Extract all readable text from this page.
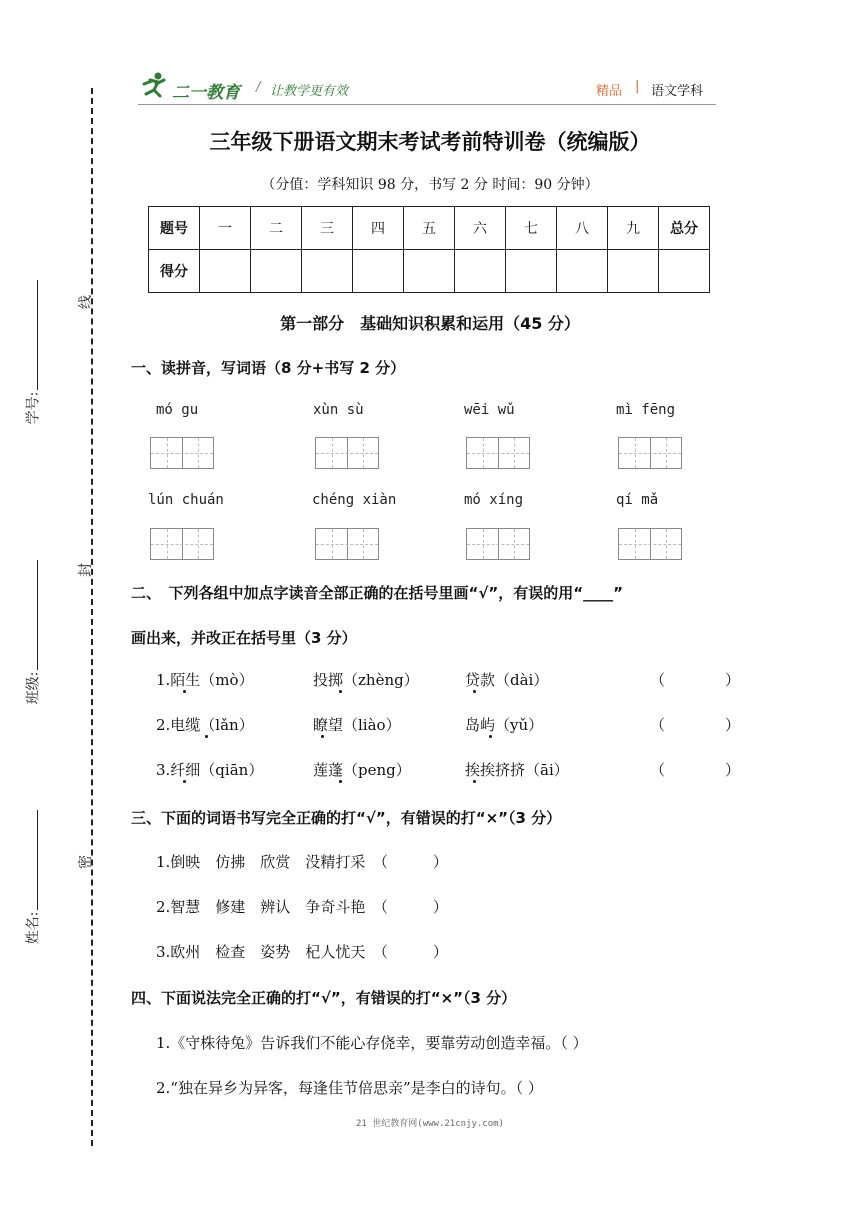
线
封
密
学号:
班级:
姓名:
二一教育 / 让教学更有效	精品 | 语文学科
三年级下册语文期末考试考前特训卷（统编版）
（分值：学科知识 98 分，书写 2 分 时间：90 分钟）
题号	一	二	三	四	五	六	七	八	九	总分
得分										
第一部分　基础知识积累和运用（45 分）
一、读拼音，写词语（8 分+书写 2 分）
mó gu	xùn sù	wēi wǔ	mì fēng
lún chuán	chéng xiàn	mó xíng	qí mǎ
二、　下列各组中加点字读音全部正确的在括号里画“√”，有误的用“____”
画出来，并改正在括号里（3 分）
1.陌生（mò）	投掷（zhèng）	贷款（dài）	（　　　　）
2.电缆（lǎn）	瞭望（liào）	岛屿（yǔ）	（　　　　）
3.纤细（qiān）	莲蓬（peng）	挨挨挤挤（āi）	（　　　　）
三、下面的词语书写完全正确的打“√”，有错误的打“×”（3 分）
1.倒映　仿拂　欣赏　没精打采　（　　　）
2.智慧　修建　辨认　争奇斗艳　（　　　）
3.欧州　检查　姿势　杞人忧天　（　　　）
四、下面说法完全正确的打“√”，有错误的打“×”（3 分）
1.《守株待兔》告诉我们不能心存侥幸，要靠劳动创造幸福。（ ）
2.“独在异乡为异客，每逢佳节倍思亲”是李白的诗句。（ ）
21 世纪教育网(www.21cnjy.com)
